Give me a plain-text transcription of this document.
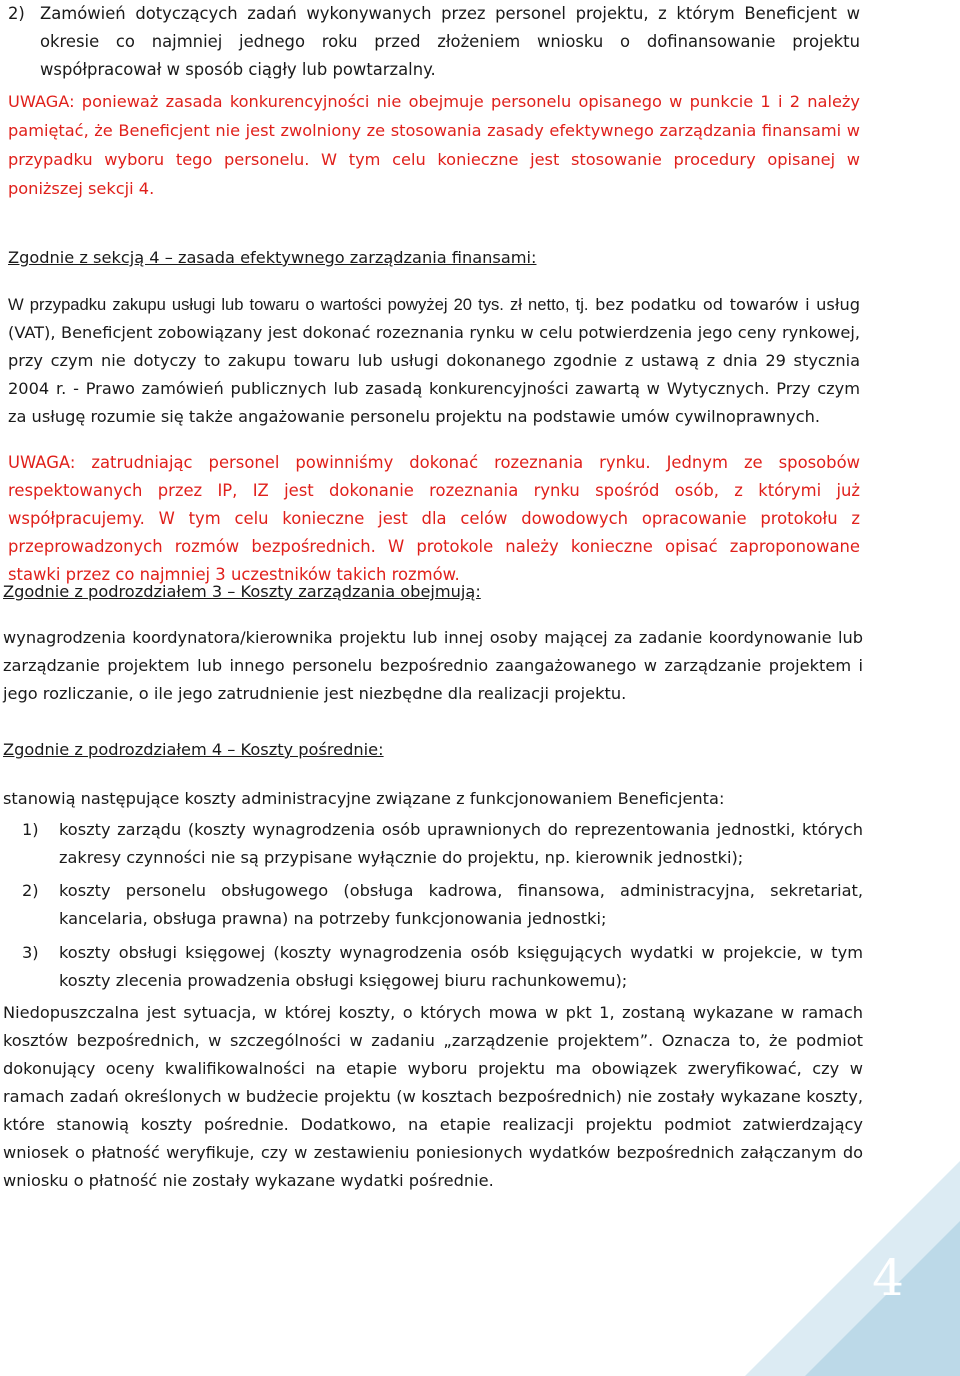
2) Zamówień dotyczących zadań wykonywanych przez personel projektu, z którym Beneficjent w okresie co najmniej jednego roku przed złożeniem wniosku o dofinansowanie projektu współpracował w sposób ciągły lub powtarzalny.

UWAGA: ponieważ zasada konkurencyjności nie obejmuje personelu opisanego w punkcie 1 i 2 należy pamiętać, że Beneficjent nie jest zwolniony ze stosowania zasady efektywnego zarządzania finansami w przypadku wyboru tego personelu. W tym celu konieczne jest stosowanie procedury opisanej w poniższej sekcji 4.

Zgodnie z sekcją 4 – zasada efektywnego zarządzania finansami:

W przypadku zakupu usługi lub towaru o wartości powyżej 20 tys. zł netto, tj. bez podatku od towarów i usług (VAT), Beneficjent zobowiązany jest dokonać rozeznania rynku w celu potwierdzenia jego ceny rynkowej, przy czym nie dotyczy to zakupu towaru lub usługi dokonanego zgodnie z ustawą z dnia 29 stycznia 2004 r. - Prawo zamówień publicznych lub zasadą konkurencyjności zawartą w Wytycznych. Przy czym za usługę rozumie się także angażowanie personelu projektu na podstawie umów cywilnoprawnych.

UWAGA: zatrudniając personel powinniśmy dokonać rozeznania rynku. Jednym ze sposobów respektowanych przez IP, IZ jest dokonanie rozeznania rynku spośród osób, z którymi już współpracujemy. W tym celu konieczne jest dla celów dowodowych opracowanie protokołu z przeprowadzonych rozmów bezpośrednich. W protokole należy konieczne opisać zaproponowane stawki przez co najmniej 3 uczestników takich rozmów.

Zgodnie z podrozdziałem 3 – Koszty zarządzania obejmują:

wynagrodzenia koordynatora/kierownika projektu lub innej osoby mającej za zadanie koordynowanie lub zarządzanie projektem lub innego personelu bezpośrednio zaangażowanego w zarządzanie projektem i jego rozliczanie, o ile jego zatrudnienie jest niezbędne dla realizacji projektu.

Zgodnie z podrozdziałem 4 – Koszty pośrednie:

stanowią następujące koszty administracyjne związane z funkcjonowaniem Beneficjenta:

1) koszty zarządu (koszty wynagrodzenia osób uprawnionych do reprezentowania jednostki, których zakresy czynności nie są przypisane wyłącznie do projektu, np. kierownik jednostki);

2) koszty personelu obsługowego (obsługa kadrowa, finansowa, administracyjna, sekretariat, kancelaria, obsługa prawna) na potrzeby funkcjonowania jednostki;

3) koszty obsługi księgowej (koszty wynagrodzenia osób księgujących wydatki w projekcie, w tym koszty zlecenia prowadzenia obsługi księgowej biuru rachunkowemu);

Niedopuszczalna jest sytuacja, w której koszty, o których mowa w pkt 1, zostaną wykazane w ramach kosztów bezpośrednich, w szczególności w zadaniu „zarządzenie projektem”. Oznacza to, że podmiot dokonujący oceny kwalifikowalności na etapie wyboru projektu ma obowiązek zweryfikować, czy w ramach zadań określonych w budżecie projektu (w kosztach bezpośrednich) nie zostały wykazane koszty, które stanowią koszty pośrednie. Dodatkowo, na etapie realizacji projektu podmiot zatwierdzający wniosek o płatność weryfikuje, czy w zestawieniu poniesionych wydatków bezpośrednich załączanym do wniosku o płatność nie zostały wykazane wydatki pośrednie.

4
